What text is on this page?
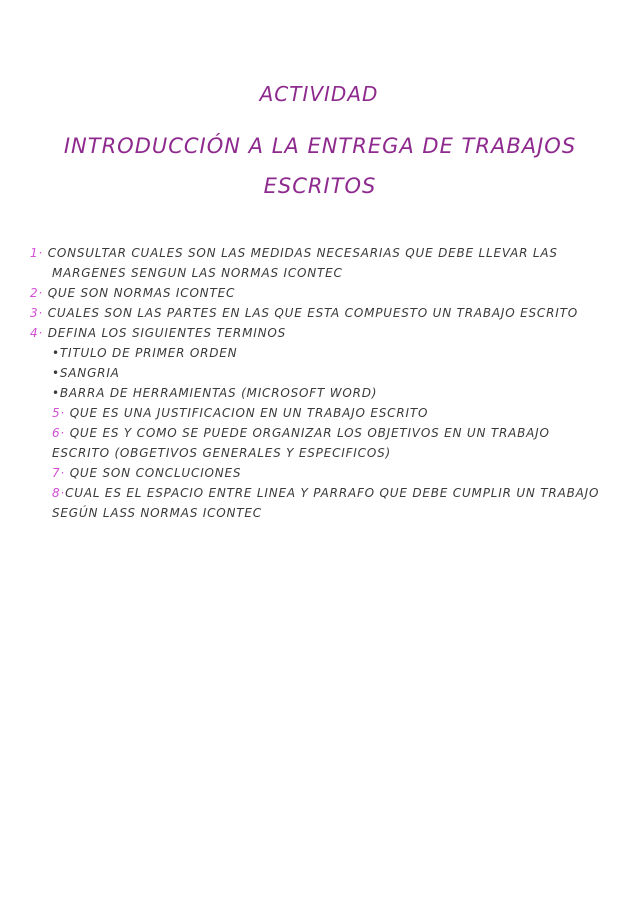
ACTIVIDAD
INTRODUCCIÓN A LA ENTREGA DE TRABAJOS ESCRITOS
1· CONSULTAR CUALES SON LAS MEDIDAS NECESARIAS QUE DEBE LLEVAR LAS
MARGENES SENGUN LAS NORMAS ICONTEC
2· QUE SON NORMAS ICONTEC
3· CUALES SON LAS PARTES EN LAS QUE ESTA COMPUESTO UN TRABAJO ESCRITO
4· DEFINA LOS SIGUIENTES TERMINOS
•TITULO DE PRIMER ORDEN
•SANGRIA
•BARRA DE HERRAMIENTAS (MICROSOFT WORD)
5· QUE ES UNA JUSTIFICACION EN UN TRABAJO ESCRITO
6· QUE ES Y COMO SE PUEDE ORGANIZAR LOS OBJETIVOS EN UN TRABAJO
ESCRITO (OBGETIVOS GENERALES Y ESPECIFICOS)
7· QUE SON CONCLUCIONES
8·CUAL ES EL ESPACIO ENTRE LINEA Y PARRAFO QUE DEBE CUMPLIR UN TRABAJO
SEGÚN LASS NORMAS ICONTEC
